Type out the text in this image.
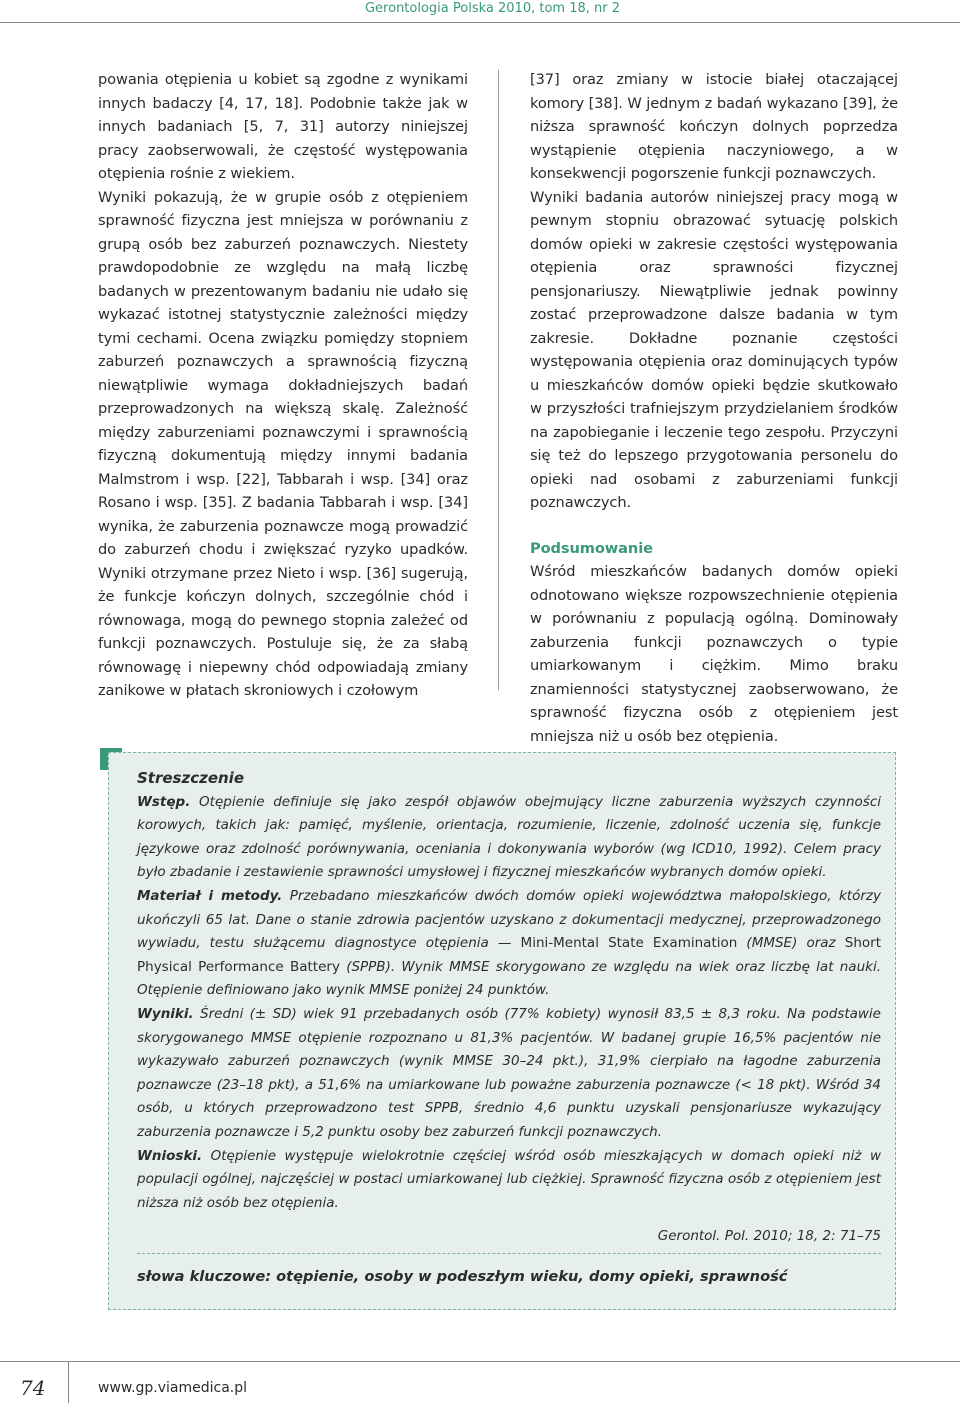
Gerontologia Polska 2010, tom 18, nr 2

powania otępienia u kobiet są zgodne z wynikami innych badaczy [4, 17, 18]. Podobnie także jak w innych badaniach [5, 7, 31] autorzy niniejszej pracy zaobserwowali, że częstość występowania otępienia rośnie z wiekiem.

Wyniki pokazują, że w grupie osób z otępieniem sprawność fizyczna jest mniejsza w porównaniu z grupą osób bez zaburzeń poznawczych. Niestety prawdopodobnie ze względu na małą liczbę badanych w prezentowanym badaniu nie udało się wykazać istotnej statystycznie zależności między tymi cechami. Ocena związku pomiędzy stopniem zaburzeń poznawczych a sprawnością fizyczną niewątpliwie wymaga dokładniejszych badań przeprowadzonych na większą skalę. Zależność między zaburzeniami poznawczymi i sprawnością fizyczną dokumentują między innymi badania Malmstrom i wsp. [22], Tabbarah i wsp. [34] oraz Rosano i wsp. [35]. Z badania Tabbarah i wsp. [34] wynika, że zaburzenia poznawcze mogą prowadzić do zaburzeń chodu i zwiększać ryzyko upadków. Wyniki otrzymane przez Nieto i wsp. [36] sugerują, że funkcje kończyn dolnych, szczególnie chód i równowaga, mogą do pewnego stopnia zależeć od funkcji poznawczych. Postuluje się, że za słabą równowagę i niepewny chód odpowiadają zmiany zanikowe w płatach skroniowych i czołowym

[37] oraz zmiany w istocie białej otaczającej komory [38]. W jednym z badań wykazano [39], że niższa sprawność kończyn dolnych poprzedza wystąpienie otępienia naczyniowego, a w konsekwencji pogorszenie funkcji poznawczych.

Wyniki badania autorów niniejszej pracy mogą w pewnym stopniu obrazować sytuację polskich domów opieki w zakresie częstości występowania otępienia oraz sprawności fizycznej pensjonariuszy. Niewątpliwie jednak powinny zostać przeprowadzone dalsze badania w tym zakresie. Dokładne poznanie częstości występowania otępienia oraz dominujących typów u mieszkańców domów opieki będzie skutkowało w przyszłości trafniejszym przydzielaniem środków na zapobieganie i leczenie tego zespołu. Przyczyni się też do lepszego przygotowania personelu do opieki nad osobami z zaburzeniami funkcji poznawczych.

Podsumowanie

Wśród mieszkańców badanych domów opieki odnotowano większe rozpowszechnienie otępienia w porównaniu z populacją ogólną. Dominowały zaburzenia funkcji poznawczych o typie umiarkowanym i ciężkim. Mimo braku znamienności statystycznej zaobserwowano, że sprawność fizyczna osób z otępieniem jest mniejsza niż u osób bez otępienia.

Streszczenie

Wstęp. Otępienie definiuje się jako zespół objawów obejmujący liczne zaburzenia wyższych czynności korowych, takich jak: pamięć, myślenie, orientacja, rozumienie, liczenie, zdolność uczenia się, funkcje językowe oraz zdolność porównywania, oceniania i dokonywania wyborów (wg ICD10, 1992). Celem pracy było zbadanie i zestawienie sprawności umysłowej i fizycznej mieszkańców wybranych domów opieki.

Materiał i metody. Przebadano mieszkańców dwóch domów opieki województwa małopolskiego, którzy ukończyli 65 lat. Dane o stanie zdrowia pacjentów uzyskano z dokumentacji medycznej, przeprowadzonego wywiadu, testu służącemu diagnostyce otępienia — Mini-Mental State Examination (MMSE) oraz Short Physical Performance Battery (SPPB). Wynik MMSE skorygowano ze względu na wiek oraz liczbę lat nauki. Otępienie definiowano jako wynik MMSE poniżej 24 punktów.

Wyniki. Średni (± SD) wiek 91 przebadanych osób (77% kobiety) wynosił 83,5 ± 8,3 roku. Na podstawie skorygowanego MMSE otępienie rozpoznano u 81,3% pacjentów. W badanej grupie 16,5% pacjentów nie wykazywało zaburzeń poznawczych (wynik MMSE 30–24 pkt.), 31,9% cierpiało na łagodne zaburzenia poznawcze (23–18 pkt), a 51,6% na umiarkowane lub poważne zaburzenia poznawcze (< 18 pkt). Wśród 34 osób, u których przeprowadzono test SPPB, średnio 4,6 punktu uzyskali pensjonariusze wykazujący zaburzenia poznawcze i 5,2 punktu osoby bez zaburzeń funkcji poznawczych.

Wnioski. Otępienie występuje wielokrotnie częściej wśród osób mieszkających w domach opieki niż w populacji ogólnej, najczęściej w postaci umiarkowanej lub ciężkiej. Sprawność fizyczna osób z otępieniem jest niższa niż osób bez otępienia.

Gerontol. Pol. 2010; 18, 2: 71–75

słowa kluczowe: otępienie, osoby w podeszłym wieku, domy opieki, sprawność
74	www.gp.viamedica.pl
